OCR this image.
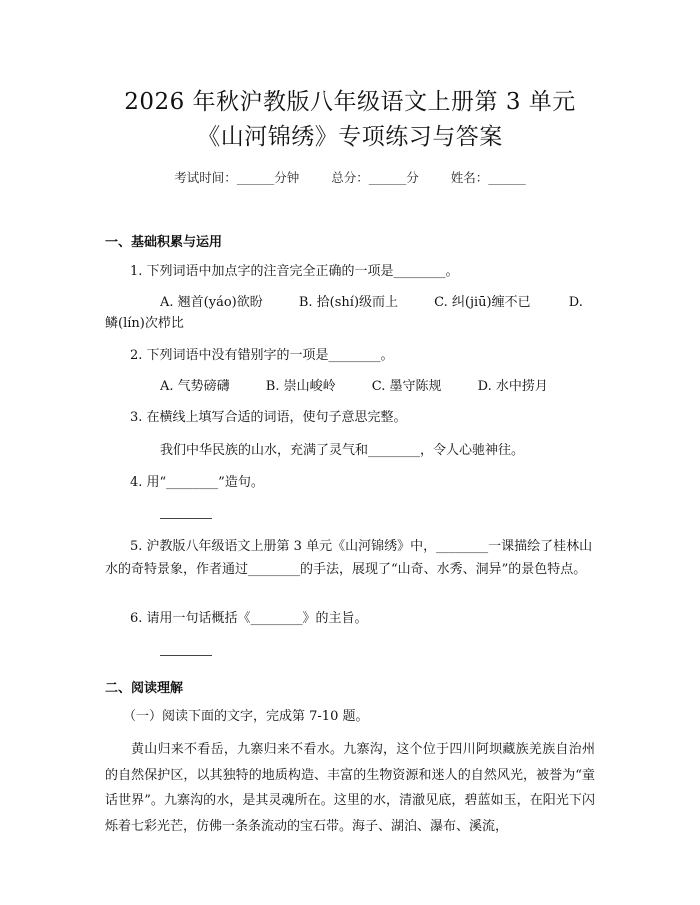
2026 年秋沪教版八年级语文上册第 3 单元
《山河锦绣》专项练习与答案
考试时间：______分钟	总分：______分	姓名：______
一、基础积累与运用
1. 下列词语中加点字的注音完全正确的一项是________。
A. 翘首(yáo)欲盼	B. 拾(shí)级而上	C. 纠(jiū)缠不已	D.
鳞(lín)次栉比
2. 下列词语中没有错别字的一项是________。
A. 气势磅礴	B. 崇山峻岭	C. 墨守陈规	D. 水中捞月
3. 在横线上填写合适的词语，使句子意思完整。
我们中华民族的山水，充满了灵气和________，令人心驰神往。
4. 用“________”造句。
5. 沪教版八年级语文上册第 3 单元《山河锦绣》中，________一课描绘了桂林山水的奇特景象，作者通过________的手法，展现了“山奇、水秀、洞异”的景色特点。
6. 请用一句话概括《________》的主旨。
二、阅读理解
（一）阅读下面的文字，完成第 7-10 题。
黄山归来不看岳，九寨归来不看水。九寨沟，这个位于四川阿坝藏族羌族自治州的自然保护区，以其独特的地质构造、丰富的生物资源和迷人的自然风光，被誉为“童话世界”。九寨沟的水，是其灵魂所在。这里的水，清澈见底，碧蓝如玉，在阳光下闪烁着七彩光芒，仿佛一条条流动的宝石带。海子、湖泊、瀑布、溪流，
